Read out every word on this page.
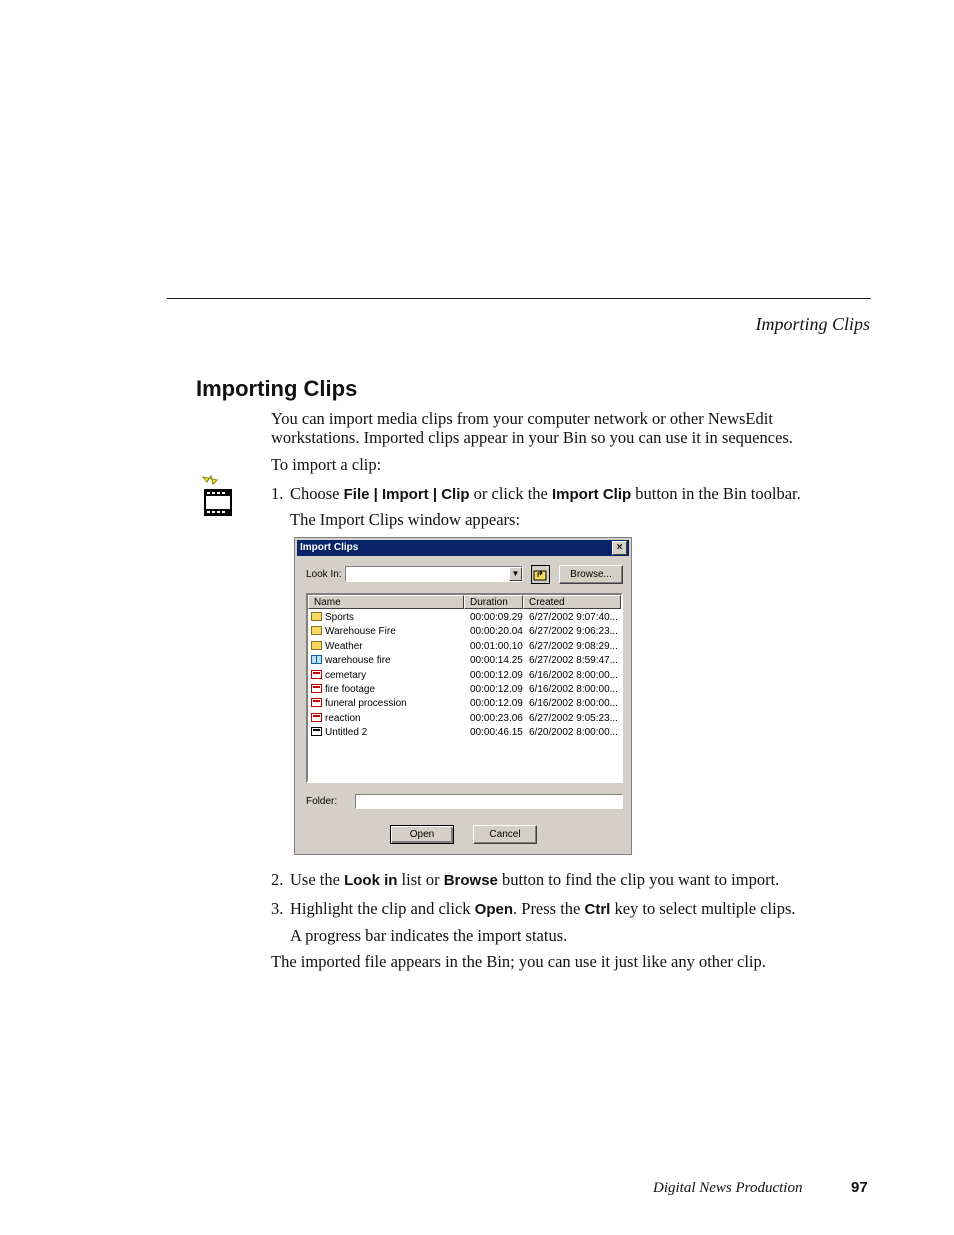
Importing Clips
Importing Clips

You can import media clips from your computer network or other NewsEdit workstations. Imported clips appear in your Bin so you can use it in sequences.

To import a clip:

1. Choose File | Import | Clip or click the Import Clip button in the Bin toolbar.
The Import Clips window appears:
Import Clips	×
Look In:	▼	Browse...
Name	Duration	Created
Sports	00:00:09.29 6/27/2002 9:07:40...
Warehouse Fire	00:00:20.04 6/27/2002 9:06:23...
Weather	00:01:00.10 6/27/2002 9:08:29...
warehouse fire	00:00:14.25 6/27/2002 8:59:47...
cemetary	00:00:12.09 6/16/2002 8:00:00...
fire footage	00:00:12.09 6/16/2002 8:00:00...
funeral procession	00:00:12.09 6/16/2002 8:00:00...
reaction	00:00:23.06 6/27/2002 9:05:23...
Untitled 2	00:00:46.15 6/20/2002 8:00:00...
Folder:
Open	Cancel
2. Use the Look in list or Browse button to find the clip you want to import.
3. Highlight the clip and click Open. Press the Ctrl key to select multiple clips.
A progress bar indicates the import status.

The imported file appears in the Bin; you can use it just like any other clip.

Digital News Production	97
